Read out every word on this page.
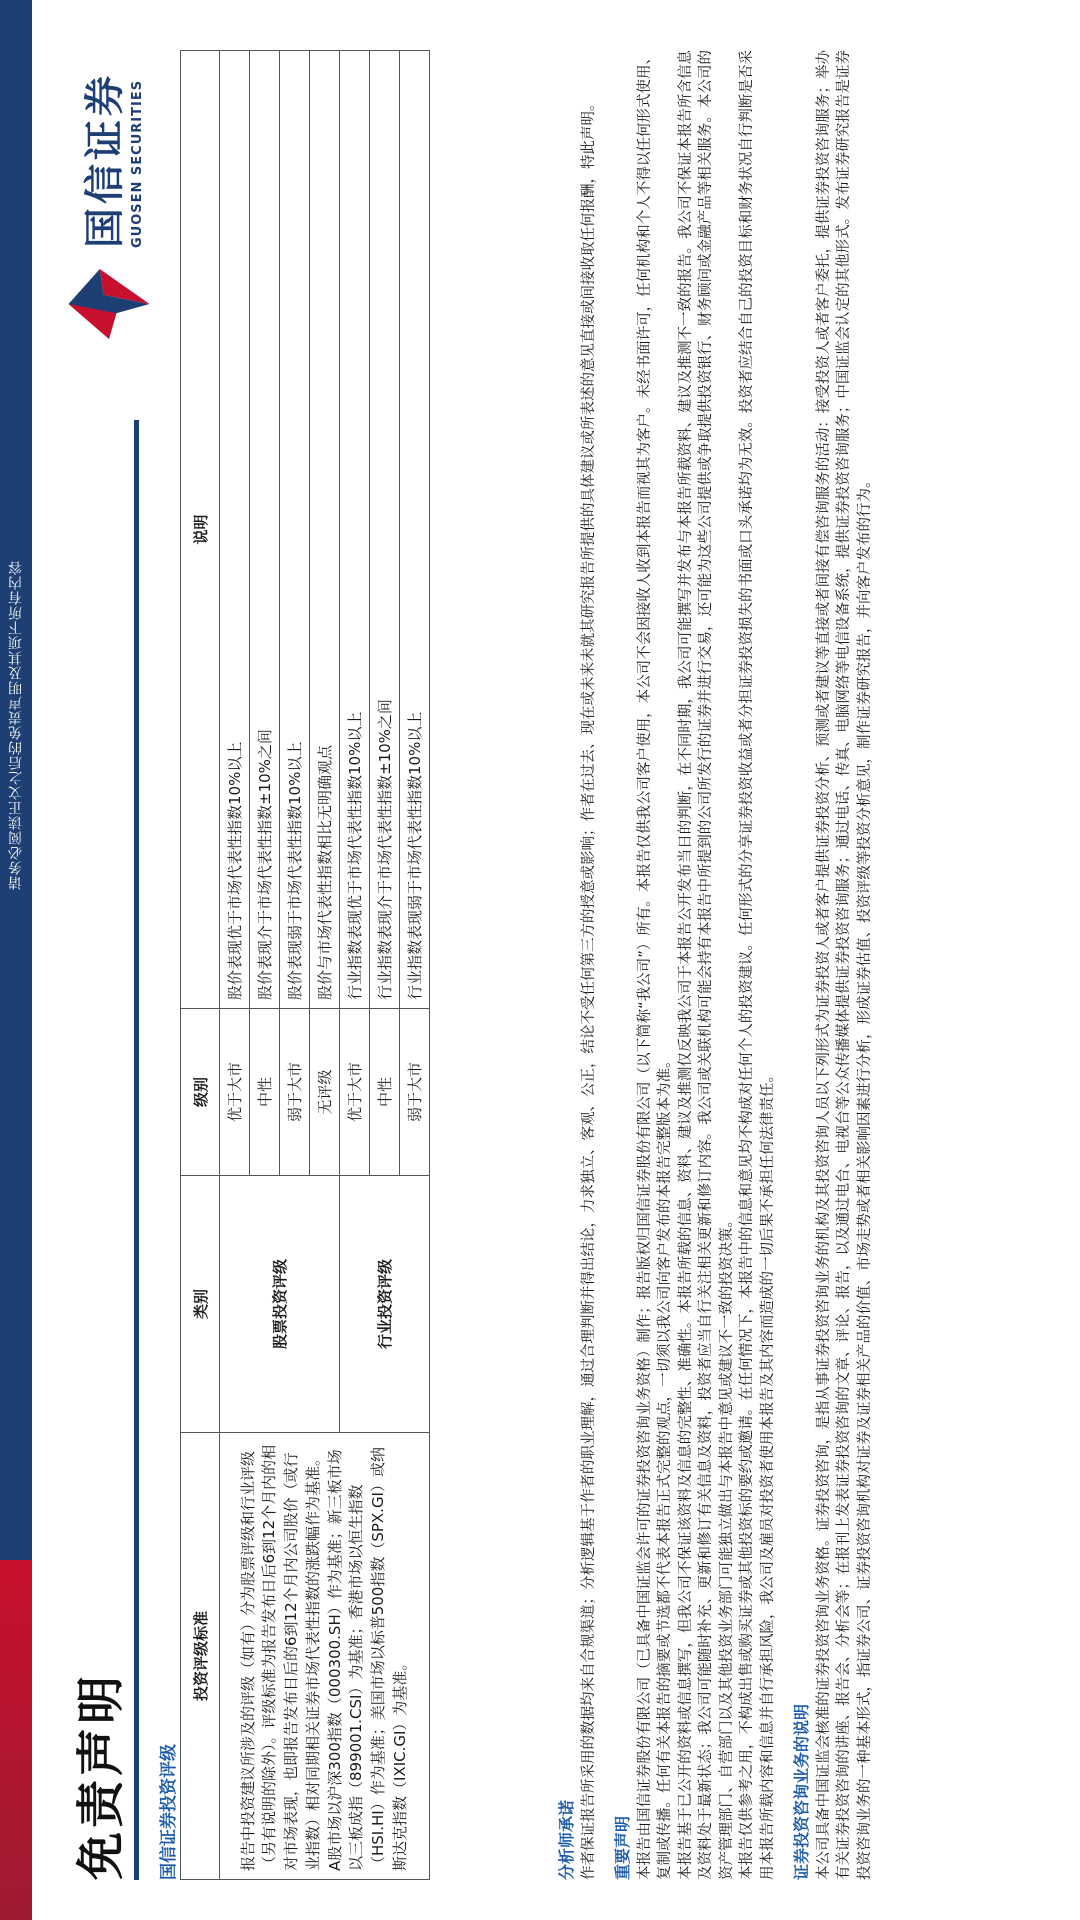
请务必阅读正文之后的免责声明及其项下所有内容
免责声明
国信证券 GUOSEN SECURITIES
国信证券投资评级
投资评级标准	类别	级别	说明
报告中投资建议所涉及的评级（如有）分为股票评级和行业评级（另有说明的除外）。评级标准为报告发布日后6到12个月内的相对市场表现，也即报告发布日后的6到12个月内公司股价（或行业指数）相对同期相关证券市场代表性指数的涨跌幅作为基准。A股市场以沪深300指数（000300.SH）作为基准；新三板市场以三板成指（899001.CSI）为基准；香港市场以恒生指数（HSI.HI）作为基准；美国市场以标普500指数（SPX.GI）或纳斯达克指数（IXIC.GI）为基准。	股票投资评级	优于大市	股价表现优于市场代表性指数10%以上
		中性	股价表现介于市场代表性指数±10%之间
		弱于大市	股价表现弱于市场代表性指数10%以上
		无评级	股价与市场代表性指数相比无明确观点
	行业投资评级	优于大市	行业指数表现优于市场代表性指数10%以上
		中性	行业指数表现介于市场代表性指数±10%之间
		弱于大市	行业指数表现弱于市场代表性指数10%以上
分析师承诺 作者保证报告所采用的数据均来自合规渠道；分析逻辑基于作者的职业理解，通过合理判断并得出结论，力求独立、客观、公正，结论不受任何第三方的授意或影响；作者在过去、现在或未来未就其研究报告所提供的具体建议或所表述的意见直接或间接收取任何报酬，特此声明。 重要声明 本报告由国信证券股份有限公司（已具备中国证监会许可的证券投资咨询业务资格）制作；报告版权归国信证券股份有限公司（以下简称“我公司”）所有。本报告仅供我公司客户使用，本公司不会因接收人收到本报告而视其为客户。未经书面许可，任何机构和个人不得以任何形式使用、复制或传播。任何有关本报告的摘要或节选都不代表本报告正式完整的观点，一切须以我公司向客户发布的本报告完整版本为准。 本报告基于已公开的资料或信息撰写，但我公司不保证该资料及信息的完整性、准确性。本报告所载的信息、资料、建议及推测仅反映我公司于本报告公开发布当日的判断，在不同时期，我公司可能撰写并发布与本报告所载资料、建议及推测不一致的报告。我公司不保证本报告所含信息及资料处于最新状态；我公司可能随时补充、更新和修订有关信息及资料，投资者应当自行关注相关更新和修订内容。我公司或关联机构可能会持有本报告中所提到的公司所发行的证券并进行交易，还可能为这些公司提供或争取提供投资银行、财务顾问或金融产品等相关服务。本公司的资产管理部门、自营部门以及其他投资业务部门可能独立做出与本报告中意见或建议不一致的投资决策。 本报告仅供参考之用，不构成出售或购买证券或其他投资标的要约或邀请。在任何情况下，本报告中的信息和意见均不构成对任何个人的投资建议。任何形式的分享证券投资收益或者分担证券投资损失的书面或口头承诺均为无效。投资者应结合自己的投资目标和财务状况自行判断是否采用本报告所载内容和信息并自行承担风险，我公司及雇员对投资者使用本报告及其内容而造成的一切后果不承担任何法律责任。 证券投资咨询业务的说明 本公司具备中国证监会核准的证券投资咨询业务资格。证券投资咨询，是指从事证券投资咨询业务的机构及其投资咨询人员以下列形式为证券投资人或者客户提供证券投资分析、预测或者建议等直接或者间接有偿咨询服务的活动：接受投资人或者客户委托，提供证券投资咨询服务；举办有关证券投资咨询的讲座、报告会、分析会等；在报刊上发表证券投资咨询的文章、评论、报告，以及通过电台、电视台等公众传播媒体提供证券投资咨询服务；通过电话、传真、电脑网络等电信设备系统，提供证券投资咨询服务；中国证监会认定的其他形式。发布证券研究报告是证券投资咨询业务的一种基本形式，指证券公司、证券投资咨询机构对证券及证券相关产品的价值、市场走势或者相关影响因素进行分析，形成证券估值、投资评级等投资分析意见，制作证券研究报告，并向客户发布的行为。
